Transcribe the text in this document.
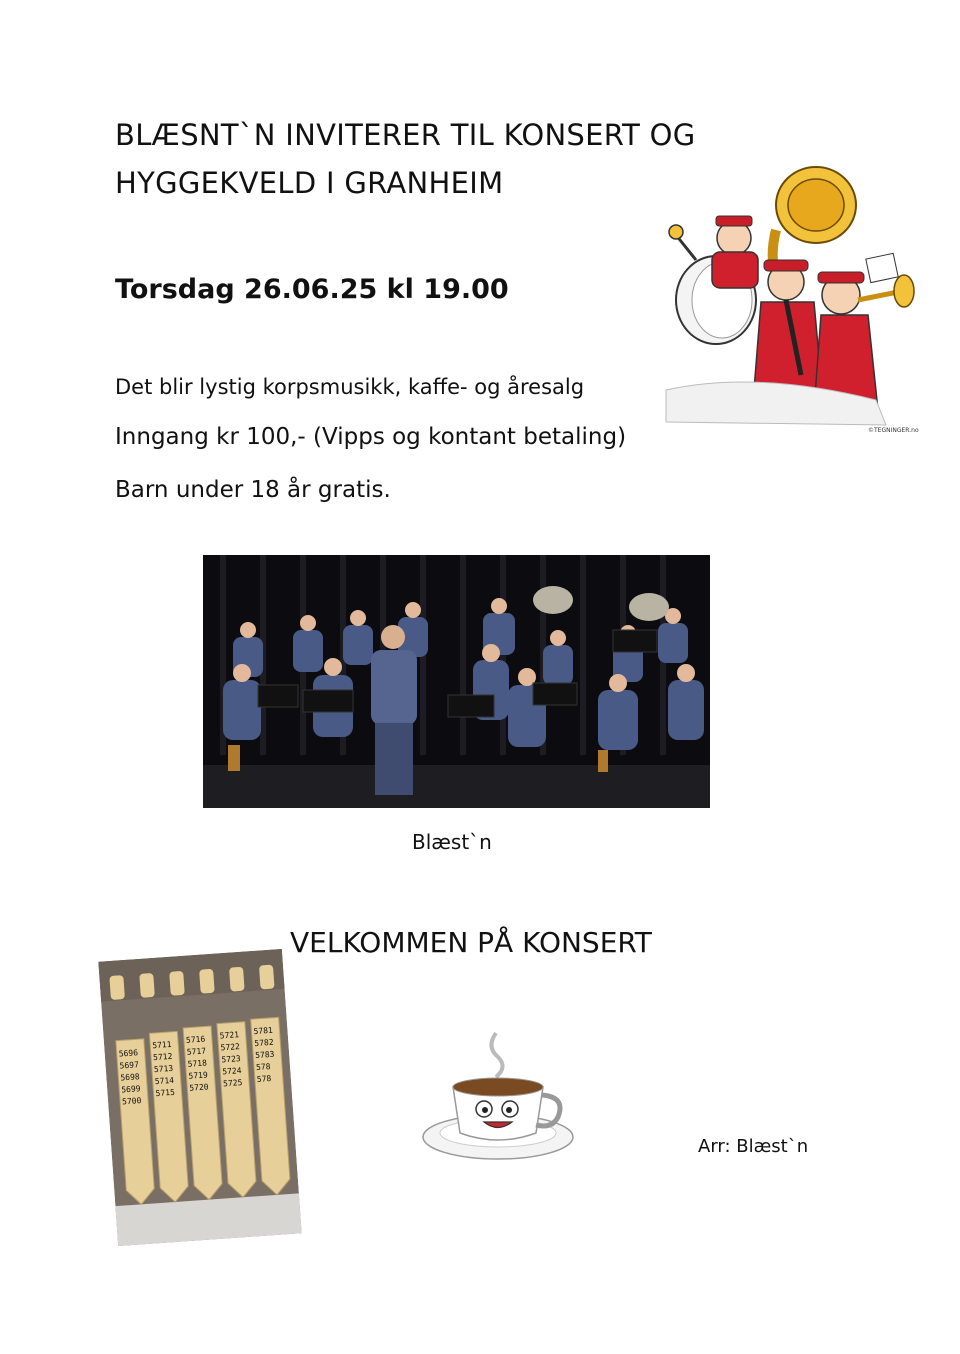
BLÆSNT`N INVITERER TIL KONSERT OG
HYGGEKVELD I GRANHEIM
Torsdag 26.06.25 kl 19.00
Det blir lystig korpsmusikk, kaffe- og åresalg
Inngang kr 100,- (Vipps og kontant betaling)
Barn under 18 år gratis.
©TEGNINGER.no
Blæst`n
VELKOMMEN PÅ KONSERT
5696
5697
5698
5699
5700
5711
5712
5713
5714
5715
5716
5717
5718
5719
5720
5721
5722
5723
5724
5725
5781
5782
5783
578
578
Arr: Blæst`n
